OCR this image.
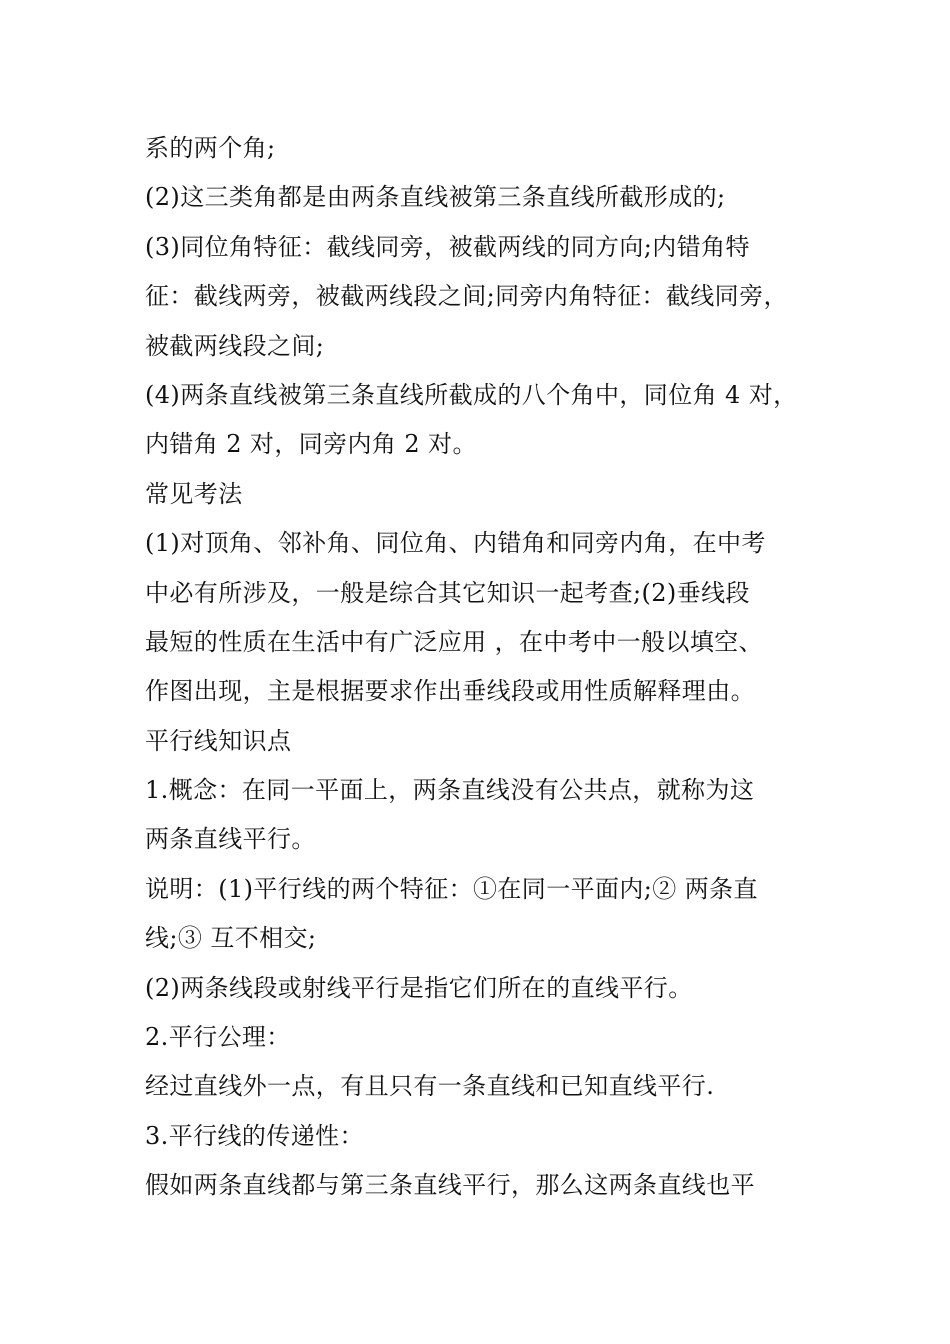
系的两个角;
(2)这三类角都是由两条直线被第三条直线所截形成的;
(3)同位角特征：截线同旁，被截两线的同方向;内错角特
征：截线两旁，被截两线段之间;同旁内角特征：截线同旁，
被截两线段之间;
(4)两条直线被第三条直线所截成的八个角中，同位角 4 对，
内错角 2 对，同旁内角 2 对。
常见考法
(1)对顶角、邻补角、同位角、内错角和同旁内角，在中考
中必有所涉及，一般是综合其它知识一起考查;(2)垂线段
最短的性质在生活中有广泛应用 ，在中考中一般以填空、
作图出现，主是根据要求作出垂线段或用性质解释理由。
平行线知识点
1.概念：在同一平面上，两条直线没有公共点，就称为这
两条直线平行。
说明：(1)平行线的两个特征：①在同一平面内;② 两条直
线;③ 互不相交;
(2)两条线段或射线平行是指它们所在的直线平行。
2.平行公理：
经过直线外一点，有且只有一条直线和已知直线平行.
3.平行线的传递性：
假如两条直线都与第三条直线平行，那么这两条直线也平
